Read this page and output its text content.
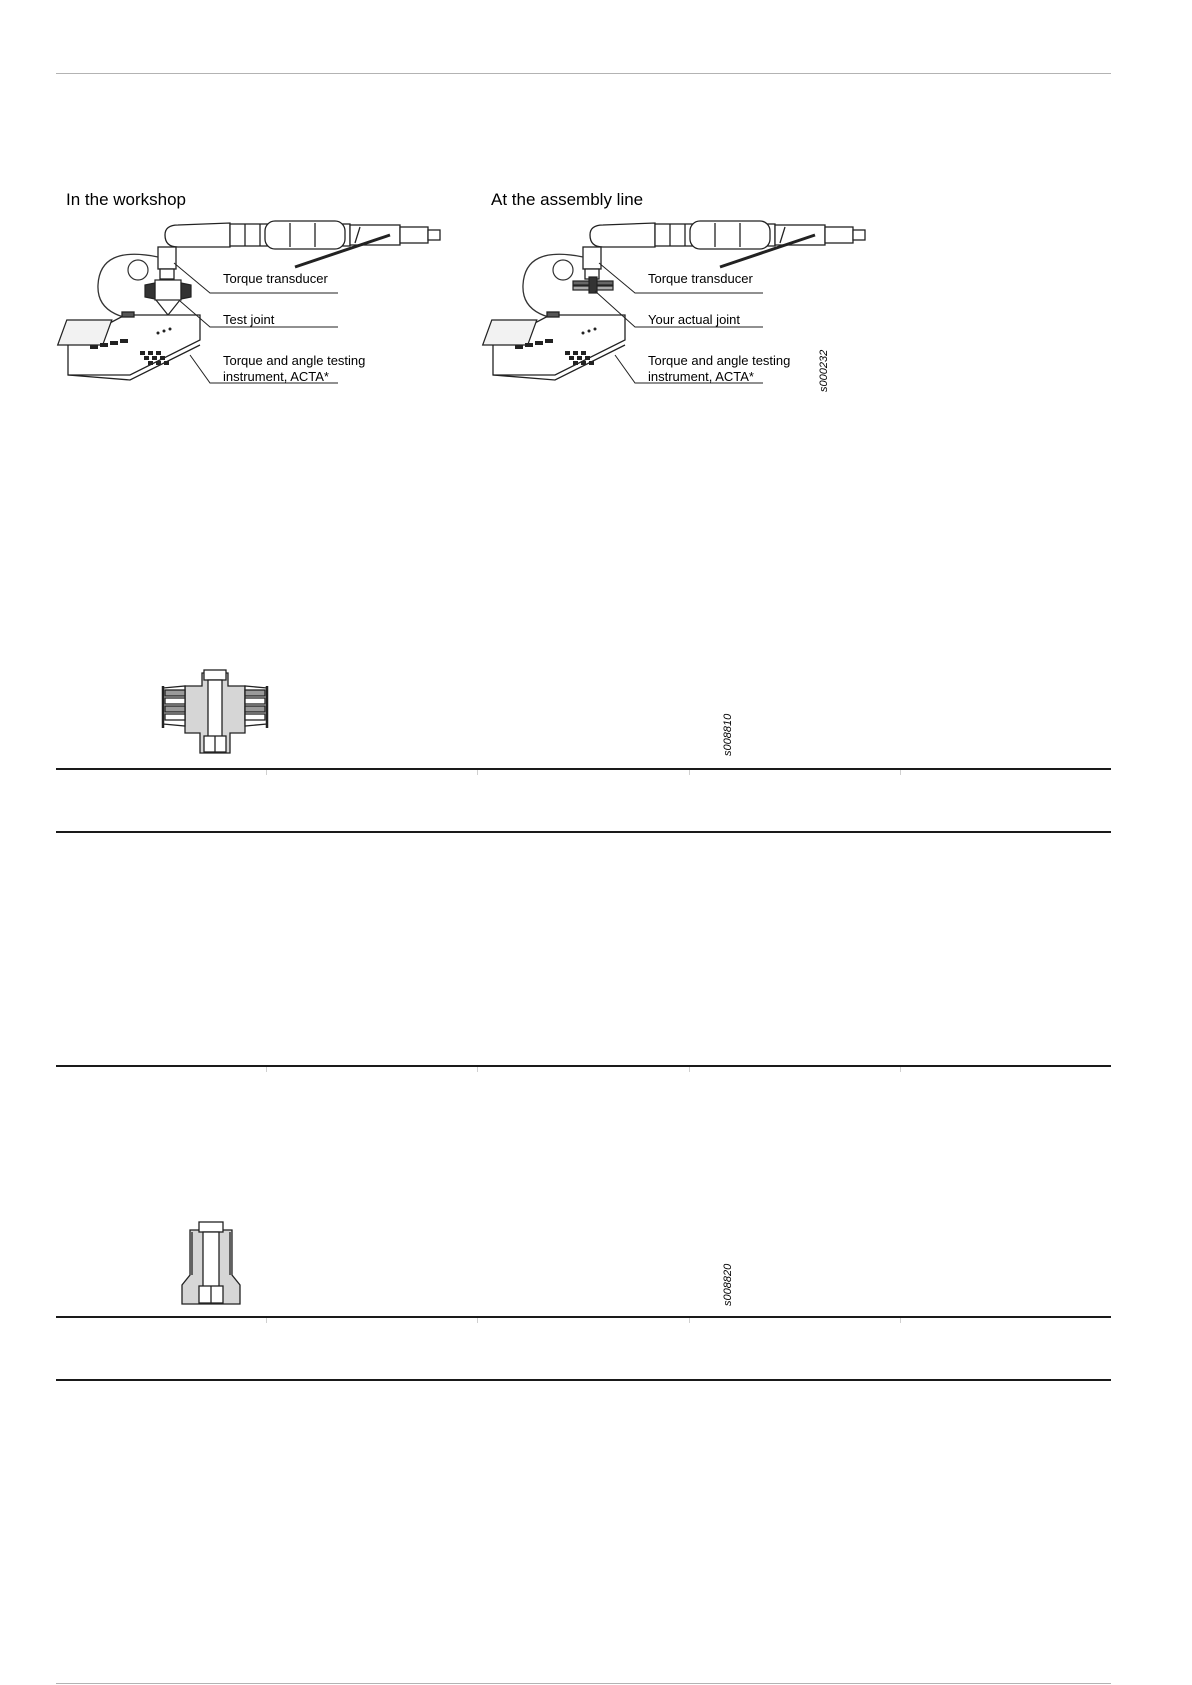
In the workshop
Torque transducer
Test joint
Torque and angle testing
instrument, ACTA*
At the assembly line
Torque transducer
Your actual joint
Torque and angle testing
instrument, ACTA*	s000232
s008810
s008820
